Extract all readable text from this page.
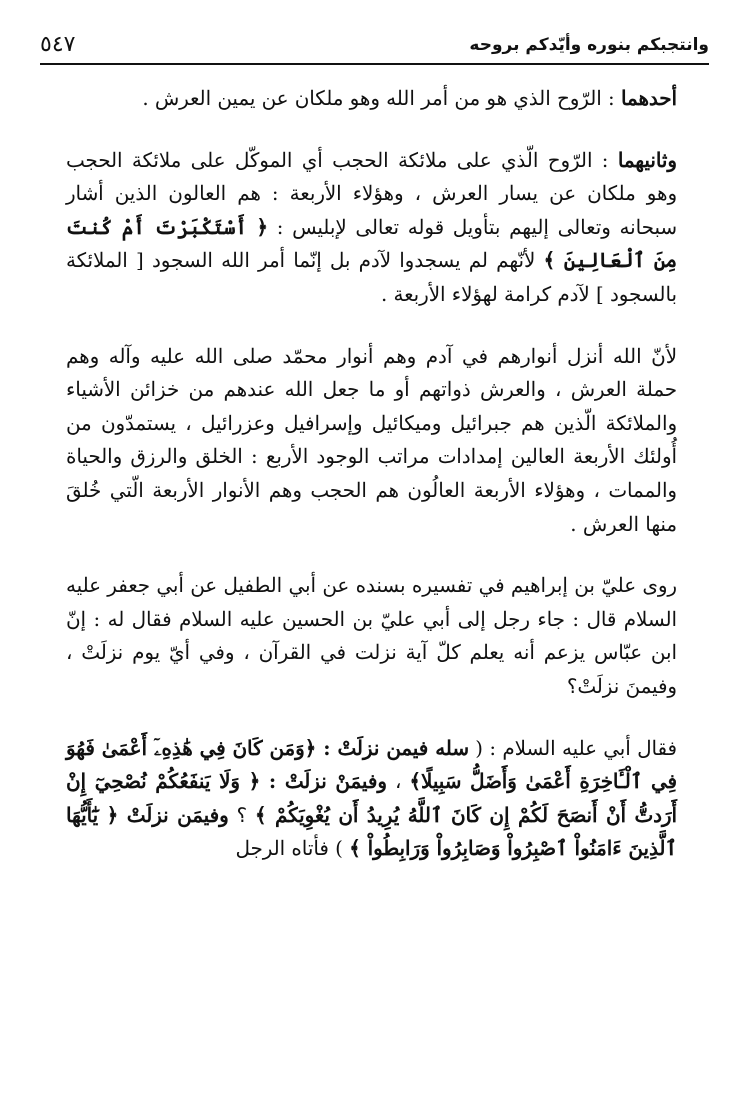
وانتجبكم بنوره وأيّدكم بروحه
٥٤٧

أحدهما : الرّوح الذي هو من أمر الله وهو ملكان عن يمين العرش .

وثانيهما : الرّوح الّذي على ملائكة الحجب أي الموكّل على ملائكة الحجب وهو ملكان عن يسار العرش ، وهؤلاء الأربعة : هم العالون الذين أشار سبحانه وتعالى إليهم بتأويل قوله تعالى لإبليس : ﴿ أَسْتَكْبَرْتَ أَمْ كُنتَ مِنَ ٱلْعَالِينَ ﴾ لأنّهم لم يسجدوا لآدم بل إنّما أمر الله السجود [ الملائكة بالسجود ] لآدم كرامة لهؤلاء الأربعة .

لأنّ الله أنزل أنوارهم في آدم وهم أنوار محمّد صلى الله عليه وآله وهم حملة العرش ، والعرش ذواتهم أو ما جعل الله عندهم من خزائن الأشياء والملائكة الّذين هم جبرائيل وميكائيل وإسرافيل وعزرائيل ، يستمدّون من أُولئك الأربعة العالين إمدادات مراتب الوجود الأربع : الخلق والرزق والحياة والممات ، وهؤلاء الأربعة العالُون هم الحجب وهم الأنوار الأربعة الّتي خُلقَ منها العرش .

روى عليّ بن إبراهيم في تفسيره بسنده عن أبي الطفيل عن أبي جعفر عليه السلام قال : جاء رجل إلى أبي عليّ بن الحسين عليه السلام فقال له : إنّ ابن عبّاس يزعم أنه يعلم كلّ آية نزلت في القرآن ، وفي أيّ يوم نزلَتْ ، وفيمنَ نزلَتْ؟

فقال أبي عليه السلام : ( سله فيمن نزلَتْ : ﴿وَمَن كَانَ فِي هَٰذِهِۦٓ أَعْمَىٰ فَهُوَ فِي ٱلْـَٔاخِرَةِ أَعْمَىٰ وَأَضَلُّ سَبِيلًا﴾ ، وفيمَنْ نزلَتْ : ﴿ وَلَا يَنفَعُكُمْ نُصْحِيٓ إِنْ أَرَدتُّ أَنْ أَنصَحَ لَكُمْ إِن كَانَ ٱللَّهُ يُرِيدُ أَن يُغْوِيَكُمْ ﴾ ؟ وفيمَن نزلَتْ ﴿ يَٰٓأَيُّهَا ٱلَّذِينَ ءَامَنُواْ ٱصْبِرُواْ وَصَابِرُواْ وَرَابِطُواْ ﴾ ) فأتاه الرجل
